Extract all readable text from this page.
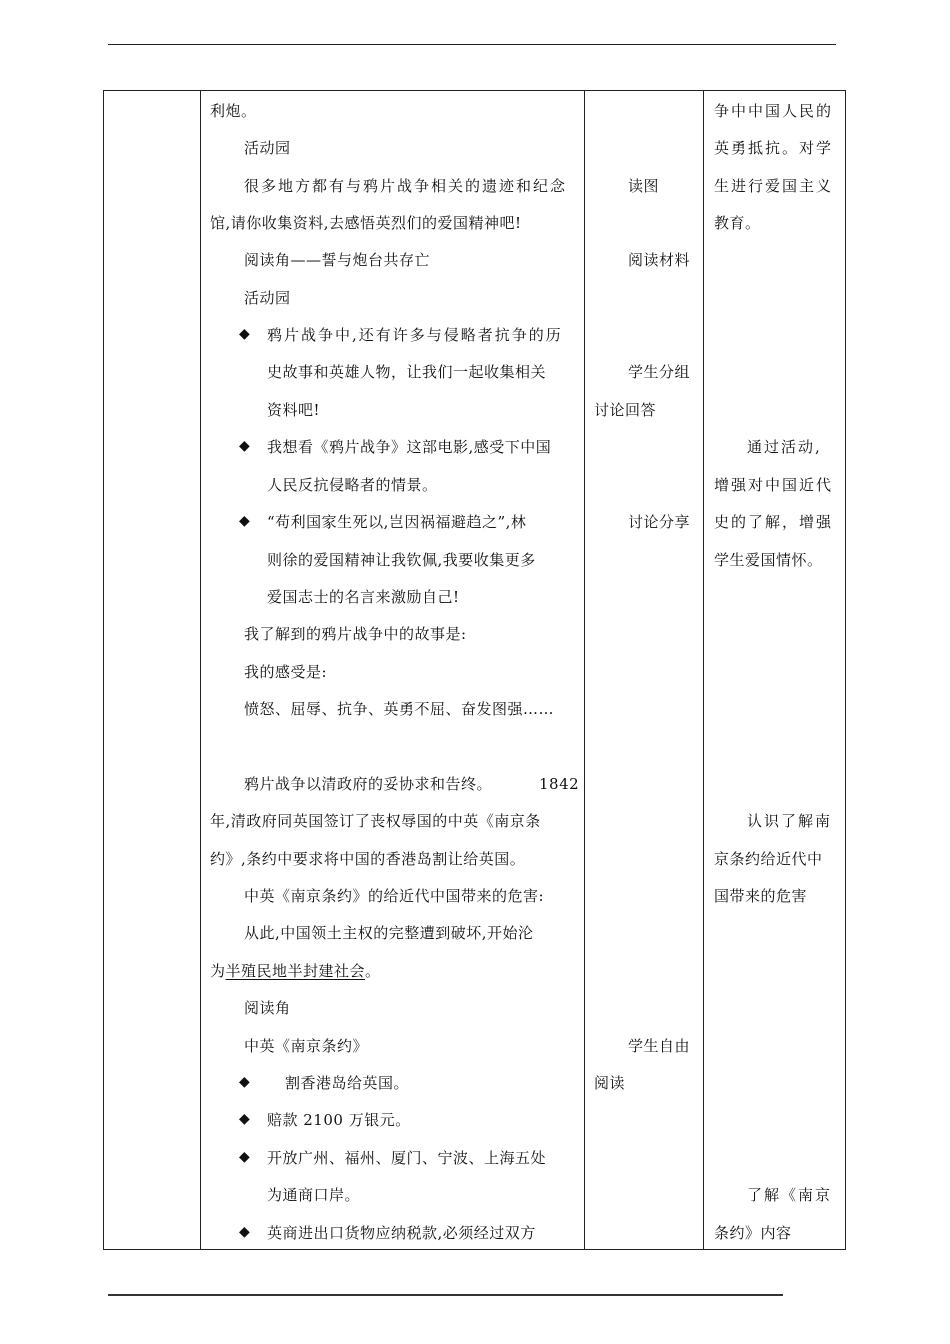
利炮。
活动园
很多地方都有与鸦片战争相关的遗迹和纪念
馆,请你收集资料,去感悟英烈们的爱国精神吧!
阅读角——誓与炮台共存亡
活动园
◆ 鸦片战争中,还有许多与侵略者抗争的历
史故事和英雄人物，让我们一起收集相关
资料吧!
◆ 我想看《鸦片战争》这部电影,感受下中国
人民反抗侵略者的情景。
◆ “苟利国家生死以,岂因祸福避趋之”,林
则徐的爱国精神让我钦佩,我要收集更多
爱国志士的名言来激励自己!
我了解到的鸦片战争中的故事是:
我的感受是:
愤怒、屈辱、抗争、英勇不屈、奋发图强……
鸦片战争以清政府的妥协求和告终。	1842
年,清政府同英国签订了丧权辱国的中英《南京条
约》,条约中要求将中国的香港岛割让给英国。
中英《南京条约》的给近代中国带来的危害:
从此,中国领土主权的完整遭到破坏,开始沦
为半殖民地半封建社会。
阅读角
中英《南京条约》
◆ 割香港岛给英国。
◆ 赔款 2100 万银元。
◆ 开放广州、福州、厦门、宁波、上海五处
为通商口岸。
◆ 英商进出口货物应纳税款,必须经过双方
读图
阅读材料
学生分组
讨论回答
讨论分享
学生自由
阅读
争中中国人民的
英勇抵抗。对学
生进行爱国主义
教育。
通过活动,
增强对中国近代
史的了解，增强
学生爱国情怀。
认识了解南
京条约给近代中
国带来的危害
了解《南京
条约》内容
